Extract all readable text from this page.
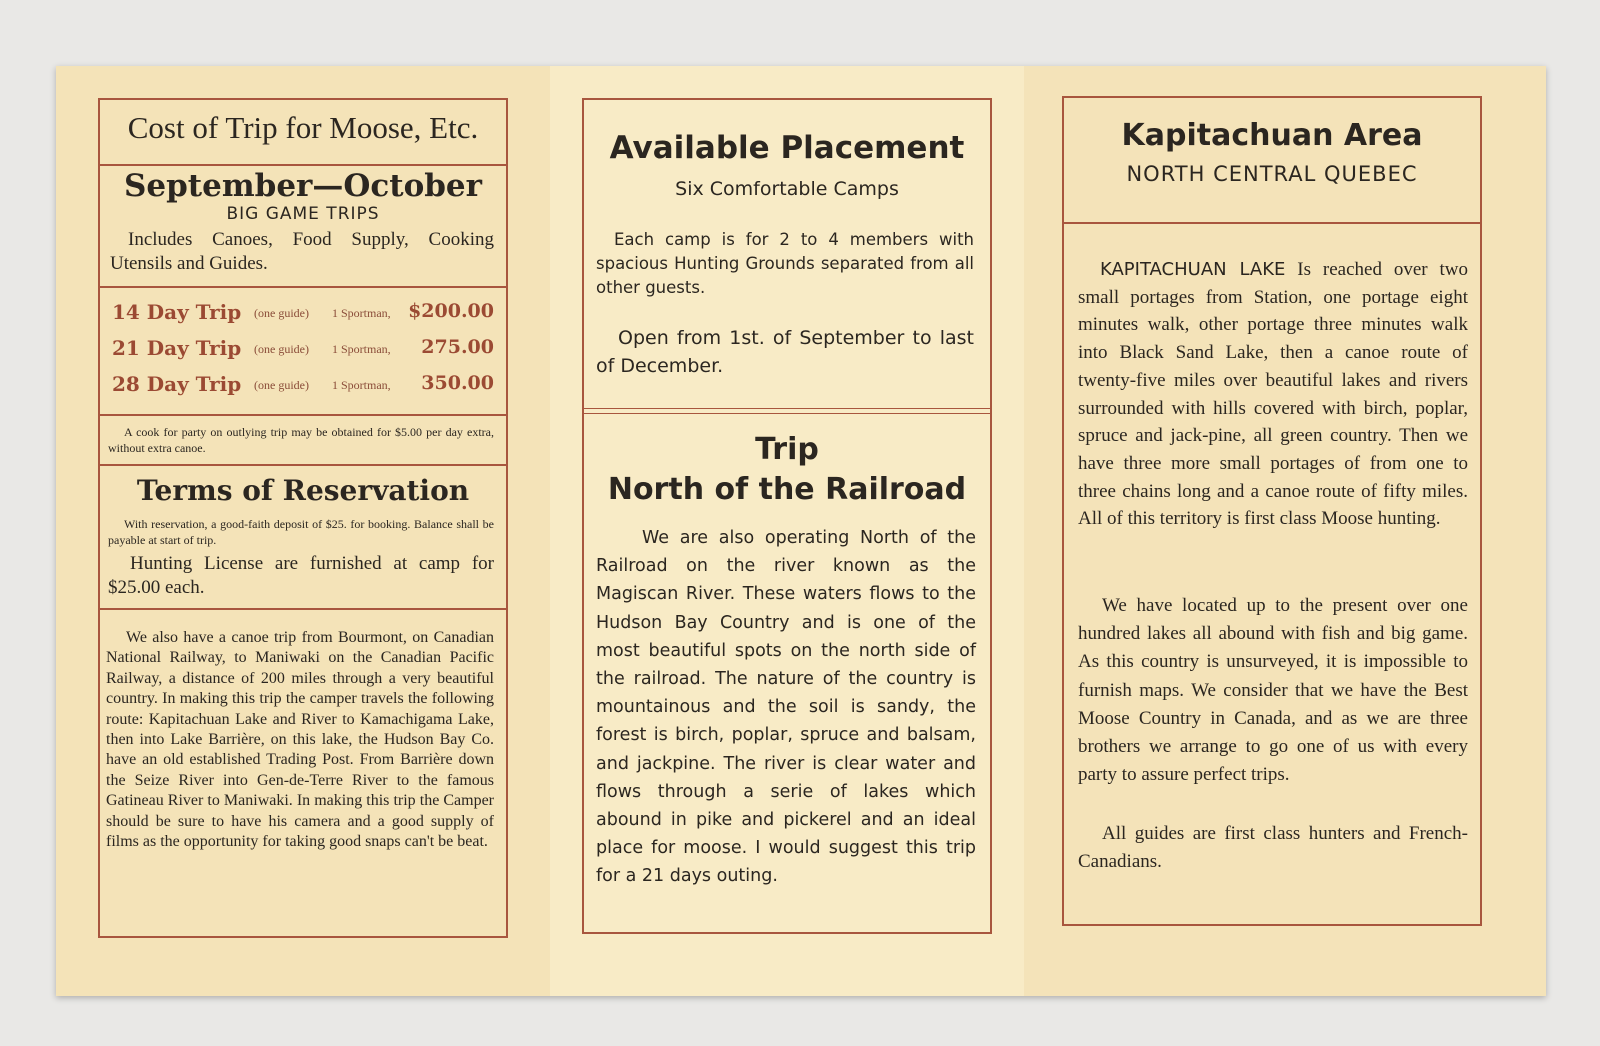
Cost of Trip for Moose, Etc.
September—October
BIG GAME TRIPS
Includes Canoes, Food Supply, Cooking Utensils and Guides.
14 Day Trip (one guide) 1 Sportman, $200.00
21 Day Trip (one guide) 1 Sportman, 275.00
28 Day Trip (one guide) 1 Sportman, 350.00
A cook for party on outlying trip may be obtained for $5.00 per day extra, without extra canoe.
Terms of Reservation
With reservation, a good-faith deposit of $25. for booking. Balance shall be payable at start of trip.
Hunting License are furnished at camp for $25.00 each.
We also have a canoe trip from Bourmont, on Canadian National Railway, to Maniwaki on the Canadian Pacific Railway, a distance of 200 miles through a very beautiful country. In making this trip the camper travels the following route: Kapitachuan Lake and River to Kamachigama Lake, then into Lake Barrière, on this lake, the Hudson Bay Co. have an old established Trading Post. From Barrière down the Seize River into Gen-de-Terre River to the famous Gatineau River to Maniwaki. In making this trip the Camper should be sure to have his camera and a good supply of films as the opportunity for taking good snaps can't be beat.
Available Placement
Six Comfortable Camps
Each camp is for 2 to 4 members with spacious Hunting Grounds separated from all other guests.
Open from 1st. of September to last of December.
Trip
North of the Railroad
We are also operating North of the Railroad on the river known as the Magiscan River. These waters flows to the Hudson Bay Country and is one of the most beautiful spots on the north side of the railroad. The nature of the country is mountainous and the soil is sandy, the forest is birch, poplar, spruce and balsam, and jackpine. The river is clear water and flows through a serie of lakes which abound in pike and pickerel and an ideal place for moose. I would suggest this trip for a 21 days outing.
Kapitachuan Area
NORTH CENTRAL QUEBEC
KAPITACHUAN LAKE Is reached over two small portages from Station, one portage eight minutes walk, other portage three minutes walk into Black Sand Lake, then a canoe route of twenty-five miles over beautiful lakes and rivers surrounded with hills covered with birch, poplar, spruce and jack-pine, all green country. Then we have three more small portages of from one to three chains long and a canoe route of fifty miles. All of this territory is first class Moose hunting.
We have located up to the present over one hundred lakes all abound with fish and big game. As this country is unsurveyed, it is impossible to furnish maps. We consider that we have the Best Moose Country in Canada, and as we are three brothers we arrange to go one of us with every party to assure perfect trips.
All guides are first class hunters and French-Canadians.
